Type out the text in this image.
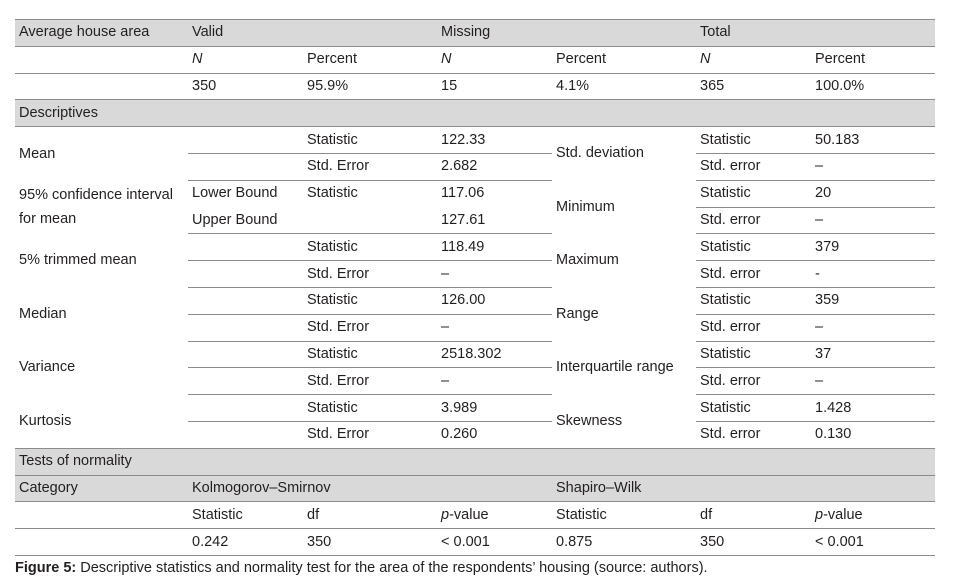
Average house area	Valid		Missing		Total	
	N	Percent	N	Percent	N	Percent
	350	95.9%	15	4.1%	365	100.0%
Descriptives						
Mean		Statistic	122.33	Std. deviation	Statistic	50.183
		Std. Error	2.682		Std. error	–
95% confidence interval for mean	Lower Bound	Statistic	117.06	Minimum	Statistic	20
	Upper Bound		127.61		Std. error	–
5% trimmed mean		Statistic	118.49	Maximum	Statistic	379
		Std. Error	–		Std. error	-
Median		Statistic	126.00	Range	Statistic	359
		Std. Error	–		Std. error	–
Variance		Statistic	2518.302	Interquartile range	Statistic	37
		Std. Error	–		Std. error	–
Kurtosis		Statistic	3.989	Skewness	Statistic	1.428
		Std. Error	0.260		Std. error	0.130
Tests of normality						
Category	Kolmogorov–Smirnov			Shapiro–Wilk		
	Statistic	df	p-value	Statistic	df	p-value
	0.242	350	< 0.001	0.875	350	< 0.001
Figure 5: Descriptive statistics and normality test for the area of the respondents’ housing (source: authors).
